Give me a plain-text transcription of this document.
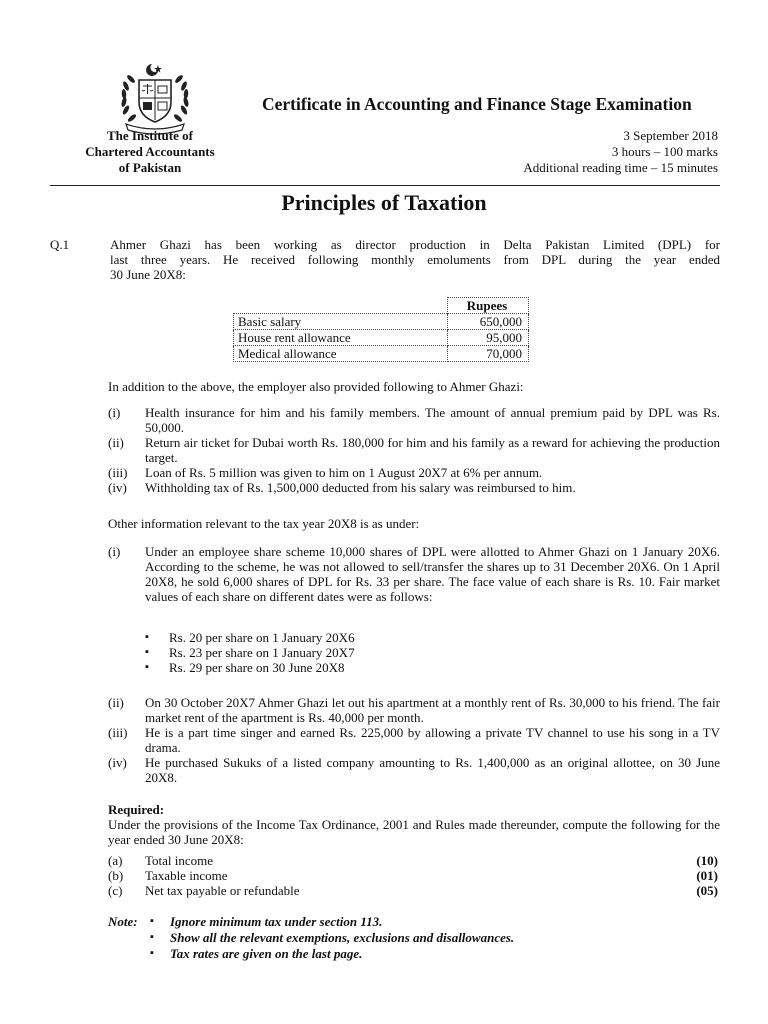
The Institute of
Chartered Accountants
of Pakistan
Certificate in Accounting and Finance Stage Examination
3 September 2018
3 hours – 100 marks
Additional reading time – 15 minutes
Principles of Taxation
Q.1	Ahmer Ghazi has been working as director production in Delta Pakistan Limited (DPL) for
last three years. He received following monthly emoluments from DPL during the year ended
30 June 20X8:
	Rupees
Basic salary	650,000
House rent allowance	95,000
Medical allowance	70,000
In addition to the above, the employer also provided following to Ahmer Ghazi:
(i) Health insurance for him and his family members. The amount of annual premium paid by DPL was Rs. 50,000.
(ii) Return air ticket for Dubai worth Rs. 180,000 for him and his family as a reward for achieving the production target.
(iii) Loan of Rs. 5 million was given to him on 1 August 20X7 at 6% per annum.
(iv) Withholding tax of Rs. 1,500,000 deducted from his salary was reimbursed to him.
Other information relevant to the tax year 20X8 is as under:
(i) Under an employee share scheme 10,000 shares of DPL were allotted to Ahmer Ghazi on 1 January 20X6. According to the scheme, he was not allowed to sell/transfer the shares up to 31 December 20X6. On 1 April 20X8, he sold 6,000 shares of DPL for Rs. 33 per share. The face value of each share is Rs. 10. Fair market values of each share on different dates were as follows:
▪ Rs. 20 per share on 1 January 20X6
▪ Rs. 23 per share on 1 January 20X7
▪ Rs. 29 per share on 30 June 20X8
(ii) On 30 October 20X7 Ahmer Ghazi let out his apartment at a monthly rent of Rs. 30,000 to his friend. The fair market rent of the apartment is Rs. 40,000 per month.
(iii) He is a part time singer and earned Rs. 225,000 by allowing a private TV channel to use his song in a TV drama.
(iv) He purchased Sukuks of a listed company amounting to Rs. 1,400,000 as an original allottee, on 30 June 20X8.
Required:
Under the provisions of the Income Tax Ordinance, 2001 and Rules made thereunder, compute the following for the year ended 30 June 20X8:
(a) Total income	(10)
(b) Taxable income	(01)
(c) Net tax payable or refundable	(05)
Note:	▪ Ignore minimum tax under section 113.
▪ Show all the relevant exemptions, exclusions and disallowances.
▪ Tax rates are given on the last page.
